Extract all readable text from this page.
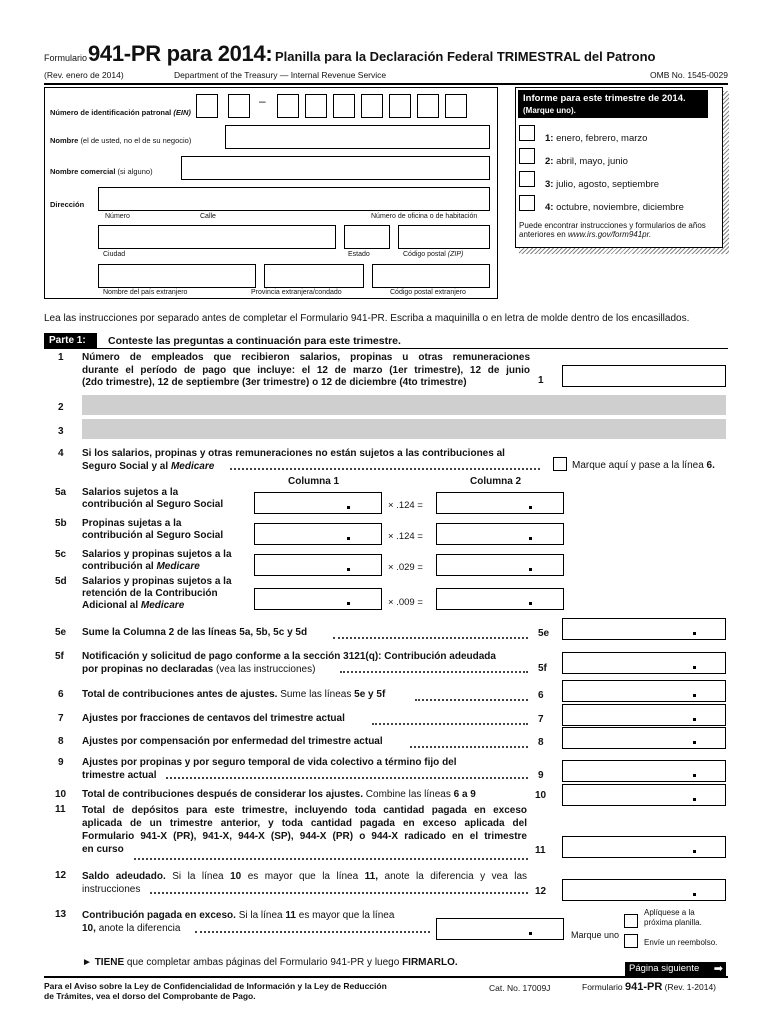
Formulario 941-PR para 2014: Planilla para la Declaración Federal TRIMESTRAL del Patrono
(Rev. enero de 2014)	Department of the Treasury — Internal Revenue Service	OMB No. 1545-0029
Número de identificación patronal (EIN)
–
Nombre (el de usted, no el de su negocio)
Nombre comercial (si alguno)
Dirección
Número	Calle	Número de oficina o de habitación
Ciudad	Estado	Código postal (ZIP)
Nombre del país extranjero	Provincia extranjera/condado	Código postal extranjero
Informe para este trimestre de 2014.
(Marque uno).
1: enero, febrero, marzo
2: abril, mayo, junio
3: julio, agosto, septiembre
4: octubre, noviembre, diciembre
Puede encontrar instrucciones y formularios de años anteriores en www.irs.gov/form941pr.
Lea las instrucciones por separado antes de completar el Formulario 941-PR. Escriba a maquinilla o en letra de molde dentro de los encasillados.
Parte 1: Conteste las preguntas a continuación para este trimestre.
1	Número de empleados que recibieron salarios, propinas u otras remuneraciones
durante el período de pago que incluye: el 12 de marzo (1er trimestre), 12 de junio
(2do trimestre), 12 de septiembre (3er trimestre) o 12 de diciembre (4to trimestre)	1
2
3
4	Si los salarios, propinas y otras remuneraciones no están sujetos a las contribuciones al
Seguro Social y al Medicare	Marque aquí y pase a la línea 6.
Columna 1	Columna 2
5a	Salarios sujetos a la
contribución al Seguro Social	× .124 =
5b	Propinas sujetas a la
contribución al Seguro Social	× .124 =
5c	Salarios y propinas sujetos a la
contribución al Medicare	× .029 =
5d	Salarios y propinas sujetos a la
retención de la Contribución
Adicional al Medicare	× .009 =
5e	Sume la Columna 2 de las líneas 5a, 5b, 5c y 5d	5e
5f	Notificación y solicitud de pago conforme a la sección 3121(q): Contribución adeudada
por propinas no declaradas (vea las instrucciones)	5f
6	Total de contribuciones antes de ajustes. Sume las líneas 5e y 5f	6
7	Ajustes por fracciones de centavos del trimestre actual	7
8	Ajustes por compensación por enfermedad del trimestre actual	8
9	Ajustes por propinas y por seguro temporal de vida colectivo a término fijo del
trimestre actual	9
10	Total de contribuciones después de considerar los ajustes. Combine las líneas 6 a 9	10
11	Total de depósitos para este trimestre, incluyendo toda cantidad pagada en exceso
aplicada de un trimestre anterior, y toda cantidad pagada en exceso aplicada del
Formulario 941-X (PR), 941-X, 944-X (SP), 944-X (PR) o 944-X radicado en el trimestre
en curso	11
12	Saldo adeudado. Si la línea 10 es mayor que la línea 11, anote la diferencia y vea las
instrucciones	12
13	Contribución pagada en exceso. Si la línea 11 es mayor que la línea
10, anote la diferencia
Marque uno
Aplíquese a la
próxima planilla.
Envíe un reembolso.
► TIENE que completar ambas páginas del Formulario 941-PR y luego FIRMARLO.
Página siguiente ➡
Para el Aviso sobre la Ley de Confidencialidad de Información y la Ley de Reducción
de Trámites, vea el dorso del Comprobante de Pago.
Cat. No. 17009J	Formulario 941-PR (Rev. 1-2014)
